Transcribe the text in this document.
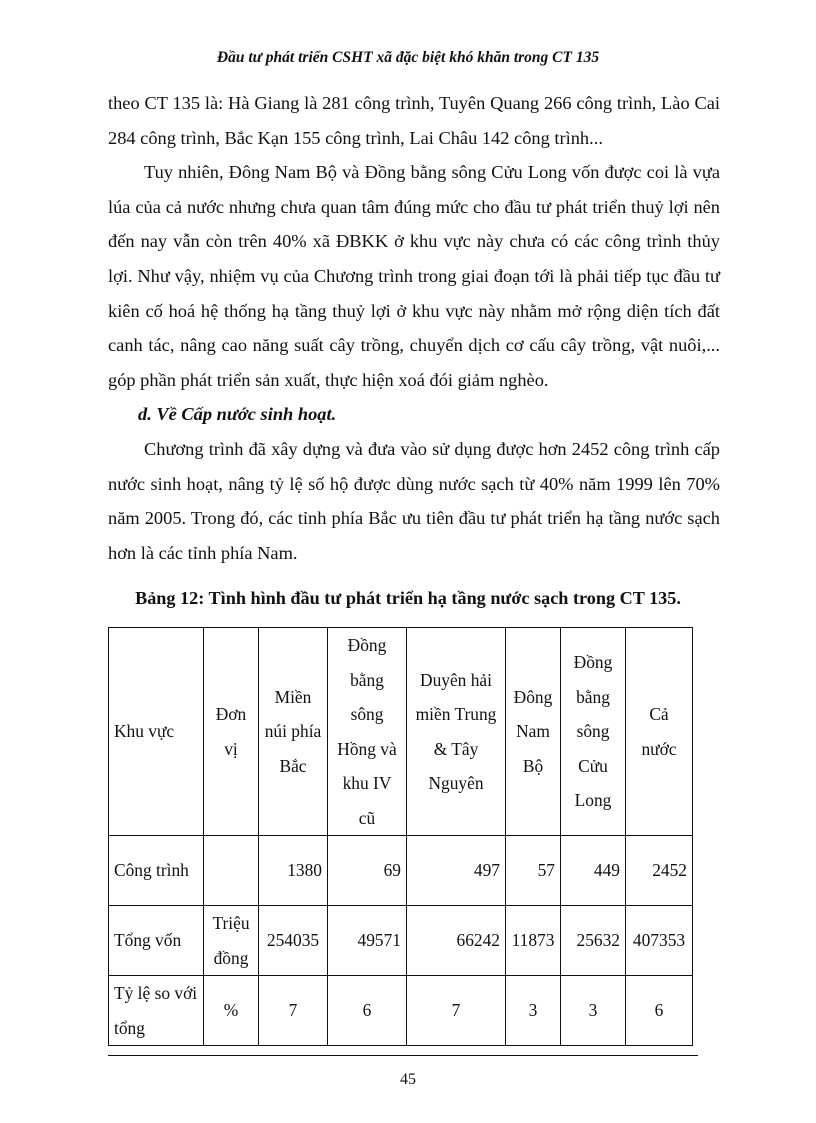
Đầu tư phát triển CSHT xã đặc biệt khó khăn trong CT 135

theo CT 135 là: Hà Giang là 281 công trình, Tuyên Quang 266 công trình, Lào Cai 284 công trình, Bắc Kạn 155 công trình, Lai Châu 142 công trình...

Tuy nhiên, Đông Nam Bộ và Đồng bằng sông Cửu Long vốn được coi là vựa lúa của cả nước nhưng chưa quan tâm đúng mức cho đầu tư phát triển thuỷ lợi nên đến nay vẫn còn trên 40% xã ĐBKK ở khu vực này chưa có các công trình thủy lợi. Như vậy, nhiệm vụ của Chương trình trong giai đoạn tới là phải tiếp tục đầu tư kiên cố hoá hệ thống hạ tầng thuỷ lợi ở khu vực này nhằm mở rộng diện tích đất canh tác, nâng cao năng suất cây trồng, chuyển dịch cơ cấu cây trồng, vật nuôi,... góp phần phát triển sản xuất, thực hiện xoá đói giảm nghèo.

d. Về Cấp nước sinh hoạt.

Chương trình đã xây dựng và đưa vào sử dụng được hơn 2452 công trình cấp nước sinh hoạt, nâng tỷ lệ số hộ được dùng nước sạch từ 40% năm 1999 lên 70% năm 2005. Trong đó, các tỉnh phía Bắc ưu tiên đầu tư phát triển hạ tầng nước sạch hơn là các tỉnh phía Nam.

Bảng 12: Tình hình đầu tư phát triển hạ tầng nước sạch trong CT 135.
Khu vực	Đơn vị	Miền núi phía Bắc	Đồng bằng sông Hồng và khu IV cũ	Duyên hải miền Trung & Tây Nguyên	Đông Nam Bộ	Đồng bằng sông Cửu Long	Cả nước
Công trình		1380	69	497	57	449	2452
Tổng vốn	Triệu đồng	254035	49571	66242	11873	25632	407353
Tỷ lệ so với tổng	%	7	6	7	3	3	6
45
